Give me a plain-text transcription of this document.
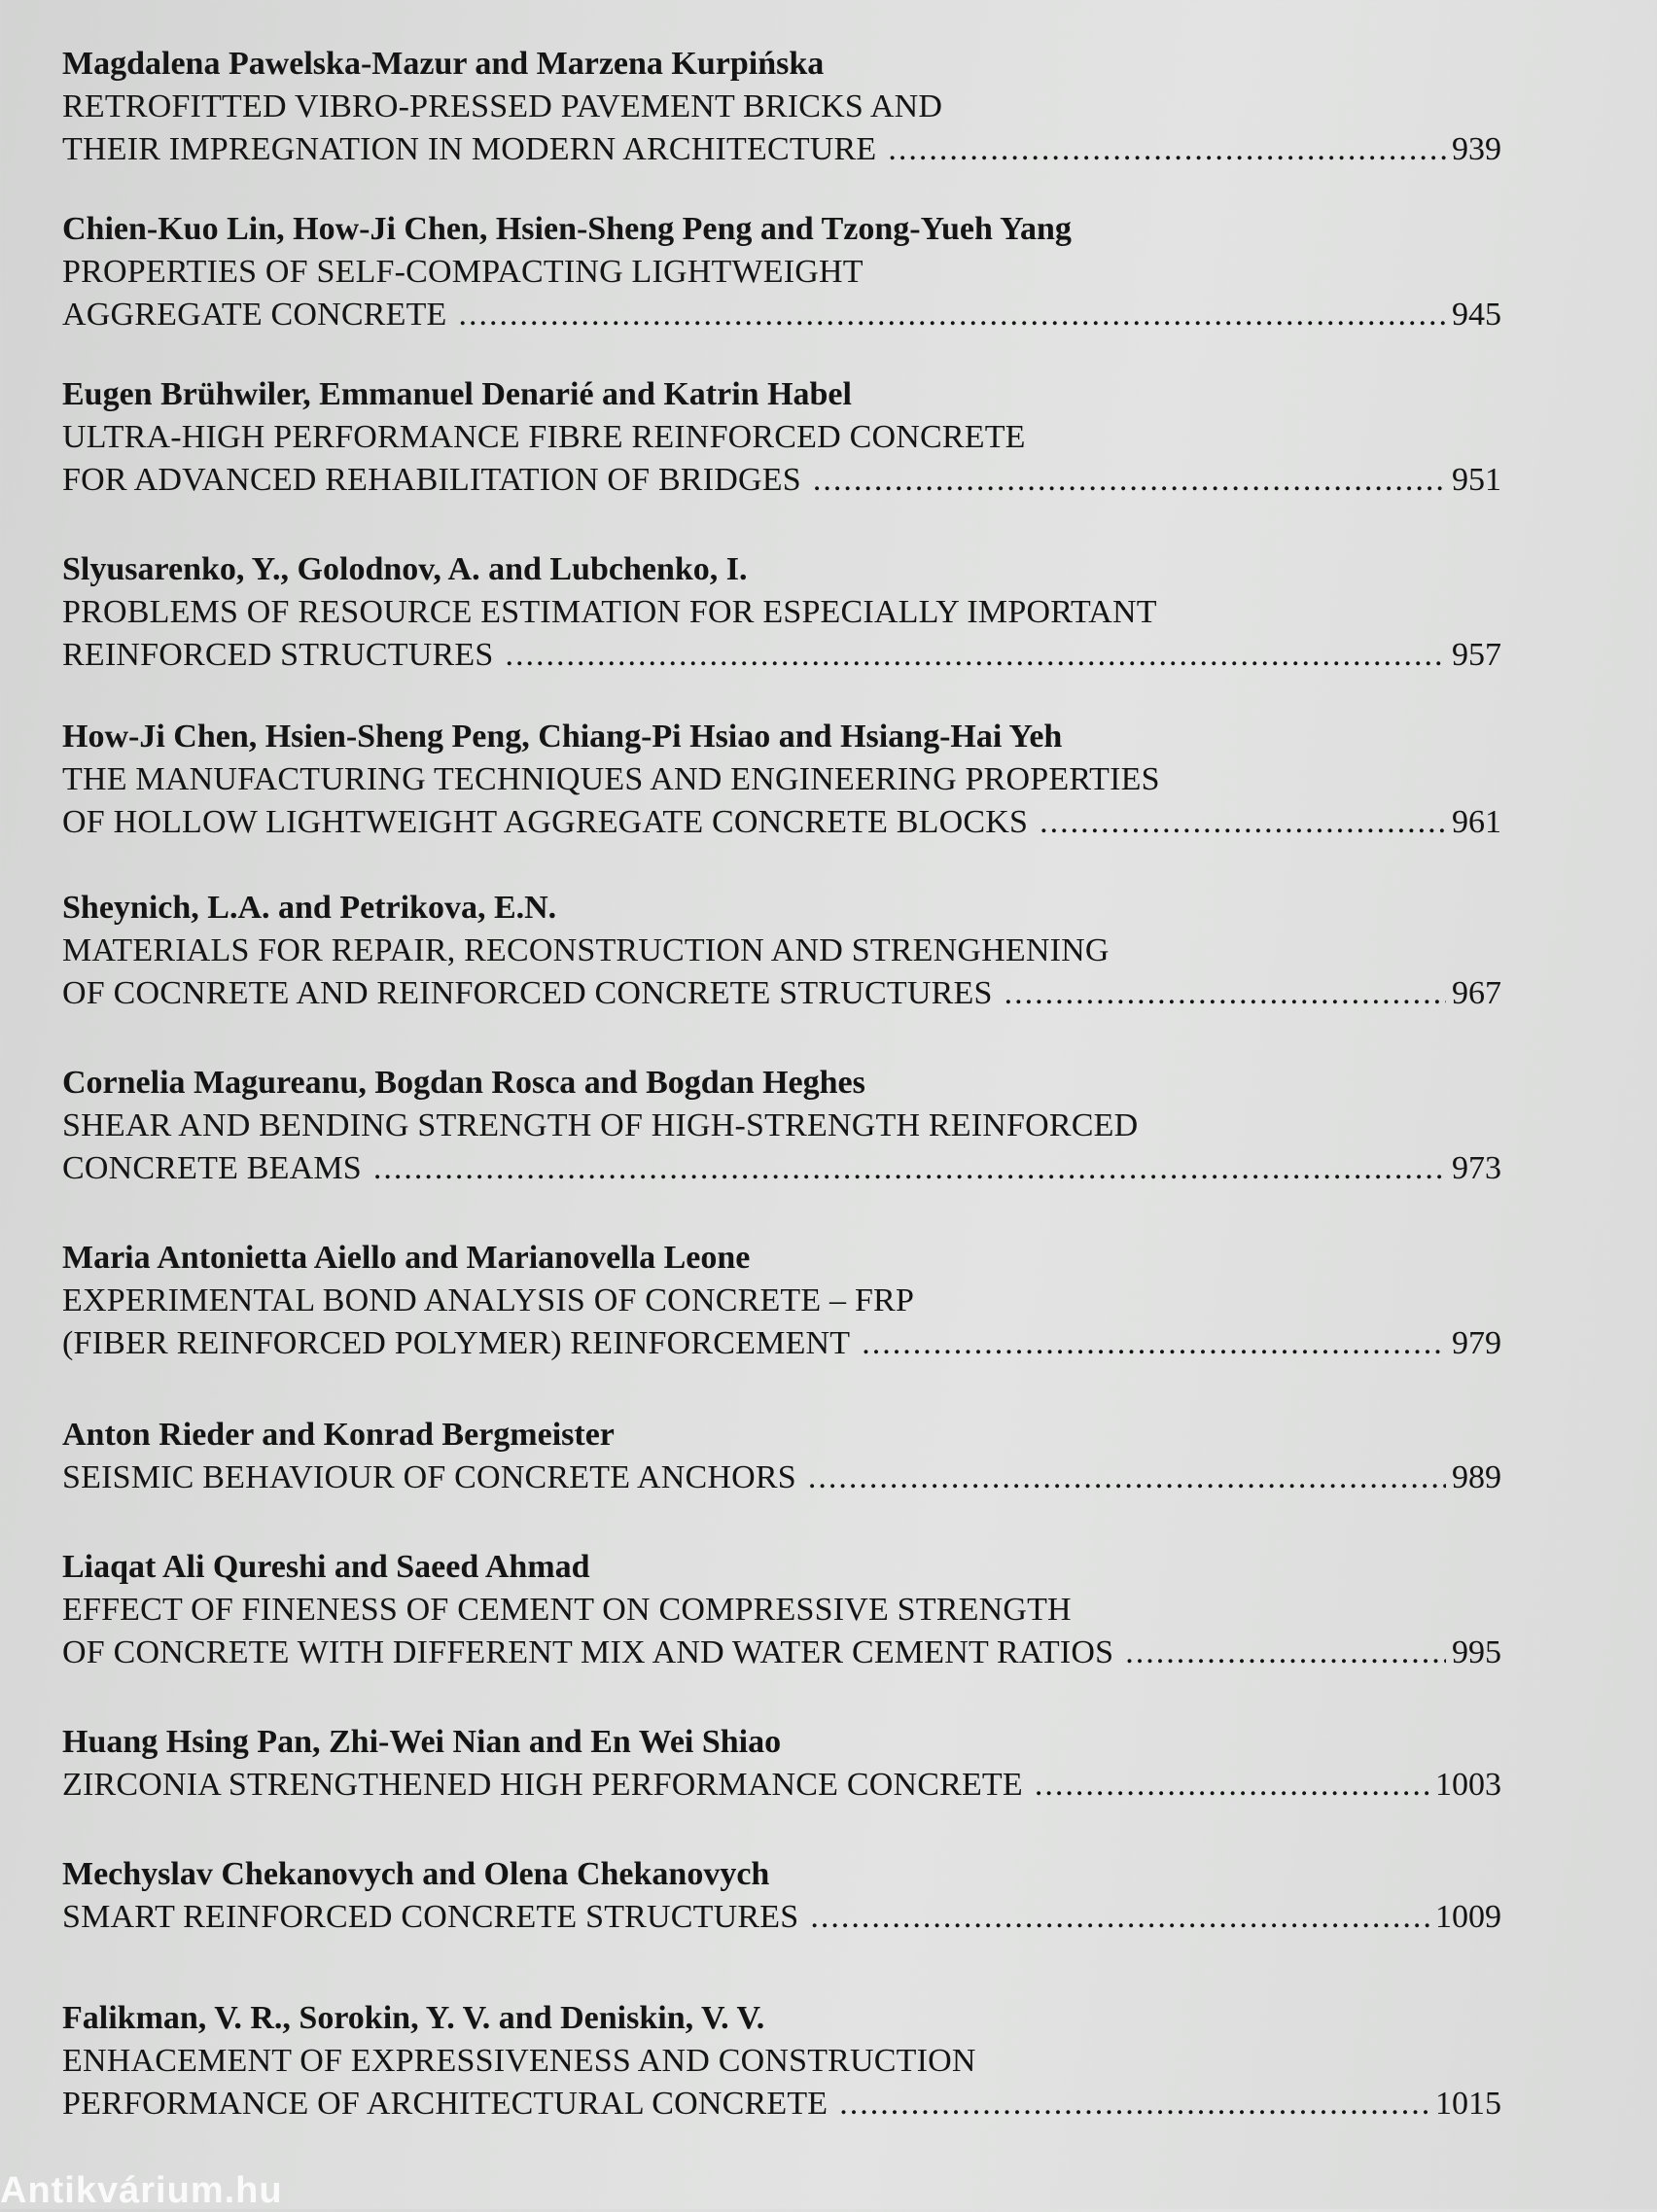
Magdalena Pawelska-Mazur and Marzena Kurpińska
RETROFITTED VIBRO-PRESSED PAVEMENT BRICKS AND
THEIR IMPREGNATION IN MODERN ARCHITECTURE .....	939
Chien-Kuo Lin, How-Ji Chen, Hsien-Sheng Peng and Tzong-Yueh Yang
PROPERTIES OF SELF-COMPACTING LIGHTWEIGHT
AGGREGATE CONCRETE .....	945
Eugen Brühwiler, Emmanuel Denarié and Katrin Habel
ULTRA-HIGH PERFORMANCE FIBRE REINFORCED CONCRETE
FOR ADVANCED REHABILITATION OF BRIDGES .....	951
Slyusarenko, Y., Golodnov, A. and Lubchenko, I.
PROBLEMS OF RESOURCE ESTIMATION FOR ESPECIALLY IMPORTANT
REINFORCED STRUCTURES .....	957
How-Ji Chen, Hsien-Sheng Peng, Chiang-Pi Hsiao and Hsiang-Hai Yeh
THE MANUFACTURING TECHNIQUES AND ENGINEERING PROPERTIES
OF HOLLOW LIGHTWEIGHT AGGREGATE CONCRETE BLOCKS .....	961
Sheynich, L.A. and Petrikova, E.N.
MATERIALS FOR REPAIR, RECONSTRUCTION AND STRENGHENING
OF COCNRETE AND REINFORCED CONCRETE STRUCTURES .....	967
Cornelia Magureanu, Bogdan Rosca and Bogdan Heghes
SHEAR AND BENDING STRENGTH OF HIGH-STRENGTH REINFORCED
CONCRETE BEAMS .....	973
Maria Antonietta Aiello and Marianovella Leone
EXPERIMENTAL BOND ANALYSIS OF CONCRETE – FRP
(FIBER REINFORCED POLYMER) REINFORCEMENT .....	979
Anton Rieder and Konrad Bergmeister
SEISMIC BEHAVIOUR OF CONCRETE ANCHORS .....	989
Liaqat Ali Qureshi and Saeed Ahmad
EFFECT OF FINENESS OF CEMENT ON COMPRESSIVE STRENGTH
OF CONCRETE WITH DIFFERENT MIX AND WATER CEMENT RATIOS .....	995
Huang Hsing Pan, Zhi-Wei Nian and En Wei Shiao
ZIRCONIA STRENGTHENED HIGH PERFORMANCE CONCRETE .....	1003
Mechyslav Chekanovych and Olena Chekanovych
SMART REINFORCED CONCRETE STRUCTURES .....	1009
Falikman, V. R., Sorokin, Y. V. and Deniskin, V. V.
ENHACEMENT OF EXPRESSIVENESS AND CONSTRUCTION
PERFORMANCE OF ARCHITECTURAL CONCRETE .....	1015
Antikvárium.hu
